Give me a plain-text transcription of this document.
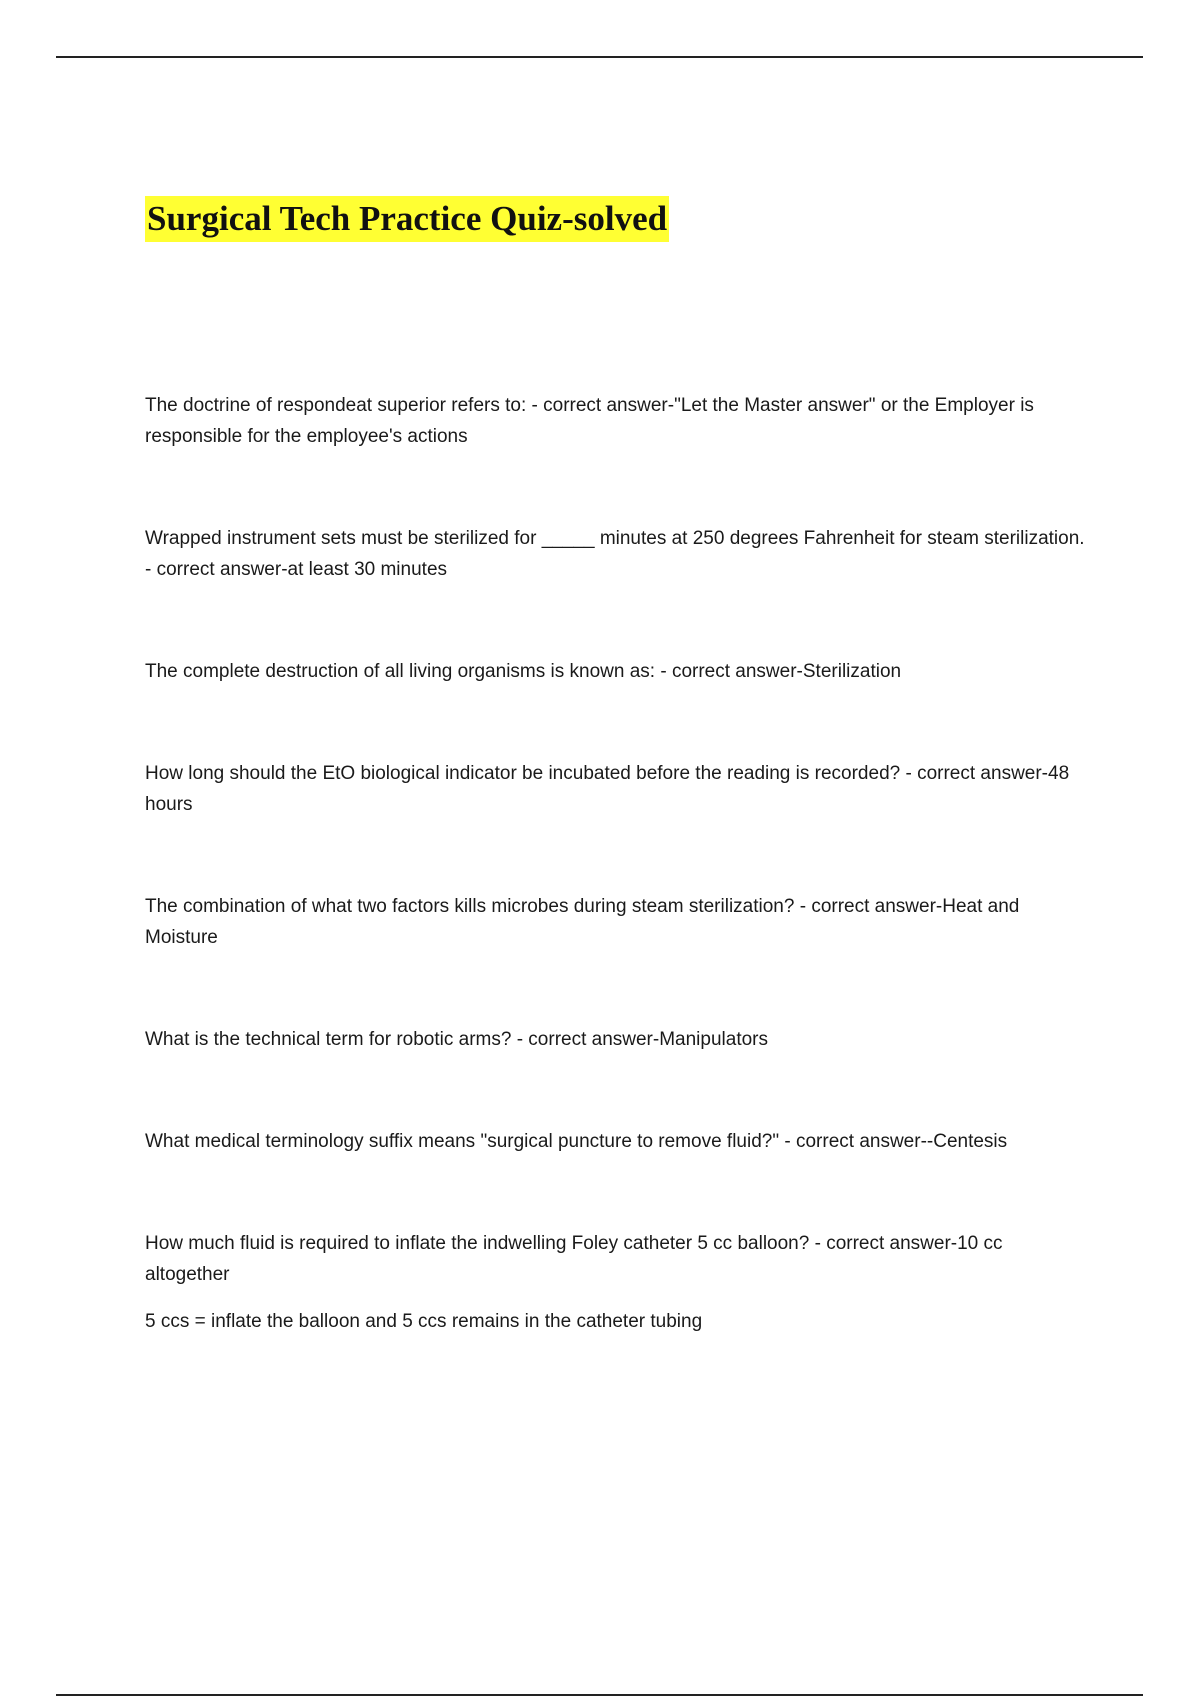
Surgical Tech Practice Quiz-solved

The doctrine of respondeat superior refers to: - correct answer-"Let the Master answer" or the Employer is responsible for the employee's actions

Wrapped instrument sets must be sterilized for _____ minutes at 250 degrees Fahrenheit for steam sterilization. - correct answer-at least 30 minutes

The complete destruction of all living organisms is known as: - correct answer-Sterilization

How long should the EtO biological indicator be incubated before the reading is recorded? - correct answer-48 hours

The combination of what two factors kills microbes during steam sterilization? - correct answer-Heat and Moisture

What is the technical term for robotic arms? - correct answer-Manipulators

What medical terminology suffix means "surgical puncture to remove fluid?" - correct answer--Centesis

How much fluid is required to inflate the indwelling Foley catheter 5 cc balloon? - correct answer-10 cc altogether

5 ccs = inflate the balloon and 5 ccs remains in the catheter tubing
